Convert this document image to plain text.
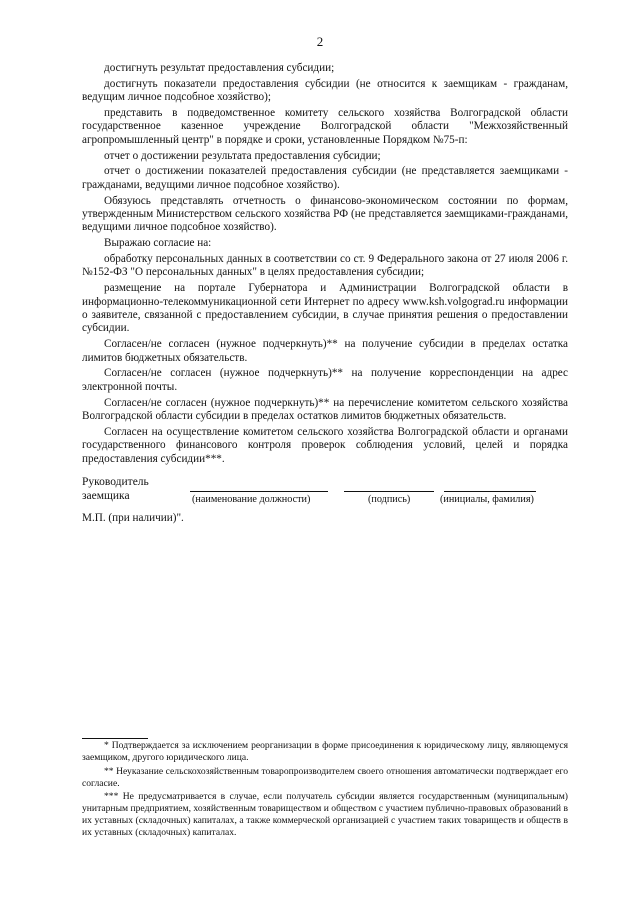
2

достигнуть результат предоставления субсидии;

достигнуть показатели предоставления субсидии (не относится к заемщикам - гражданам, ведущим личное подсобное хозяйство);

представить в подведомственное комитету сельского хозяйства Волгоградской области государственное казенное учреждение Волгоградской области "Межхозяйственный агропромышленный центр" в порядке и сроки, установленные Порядком №75-п:

отчет о достижении результата предоставления субсидии;

отчет о достижении показателей предоставления субсидии (не представляется заемщиками - гражданами, ведущими личное подсобное хозяйство).

Обязуюсь представлять отчетность о финансово-экономическом состоянии по формам, утвержденным Министерством сельского хозяйства РФ (не представляется заемщиками-гражданами, ведущими личное подсобное хозяйство).

Выражаю согласие на:

обработку персональных данных в соответствии со ст. 9 Федерального закона от 27 июля 2006 г. №152-ФЗ "О персональных данных" в целях предоставления субсидии;

размещение на портале Губернатора и Администрации Волгоградской области в информационно-телекоммуникационной сети Интернет по адресу www.ksh.volgograd.ru информации о заявителе, связанной с предоставлением субсидии, в случае принятия решения о предоставлении субсидии.

Согласен/не согласен (нужное подчеркнуть)** на получение субсидии в пределах остатка лимитов бюджетных обязательств.

Согласен/не согласен (нужное подчеркнуть)** на получение корреспонденции на адрес электронной почты.

Согласен/не согласен (нужное подчеркнуть)** на перечисление комитетом сельского хозяйства Волгоградской области субсидии в пределах остатков лимитов бюджетных обязательств.

Согласен на осуществление комитетом сельского хозяйства Волгоградской области и органами государственного финансового контроля проверок соблюдения условий, целей и порядка предоставления субсидии***.

Руководитель
заемщика	(наименование должности)	(подпись)	(инициалы, фамилия)
М.П. (при наличии)".

* Подтверждается за исключением реорганизации в форме присоединения к юридическому лицу, являющемуся заемщиком, другого юридического лица.

** Неуказание сельскохозяйственным товаропроизводителем своего отношения автоматически подтверждает его согласие.

*** Не предусматривается в случае, если получатель субсидии является государственным (муниципальным) унитарным предприятием, хозяйственным товариществом и обществом с участием публично-правовых образований в их уставных (складочных) капиталах, а также коммерческой организацией с участием таких товариществ и обществ в их уставных (складочных) капиталах.
